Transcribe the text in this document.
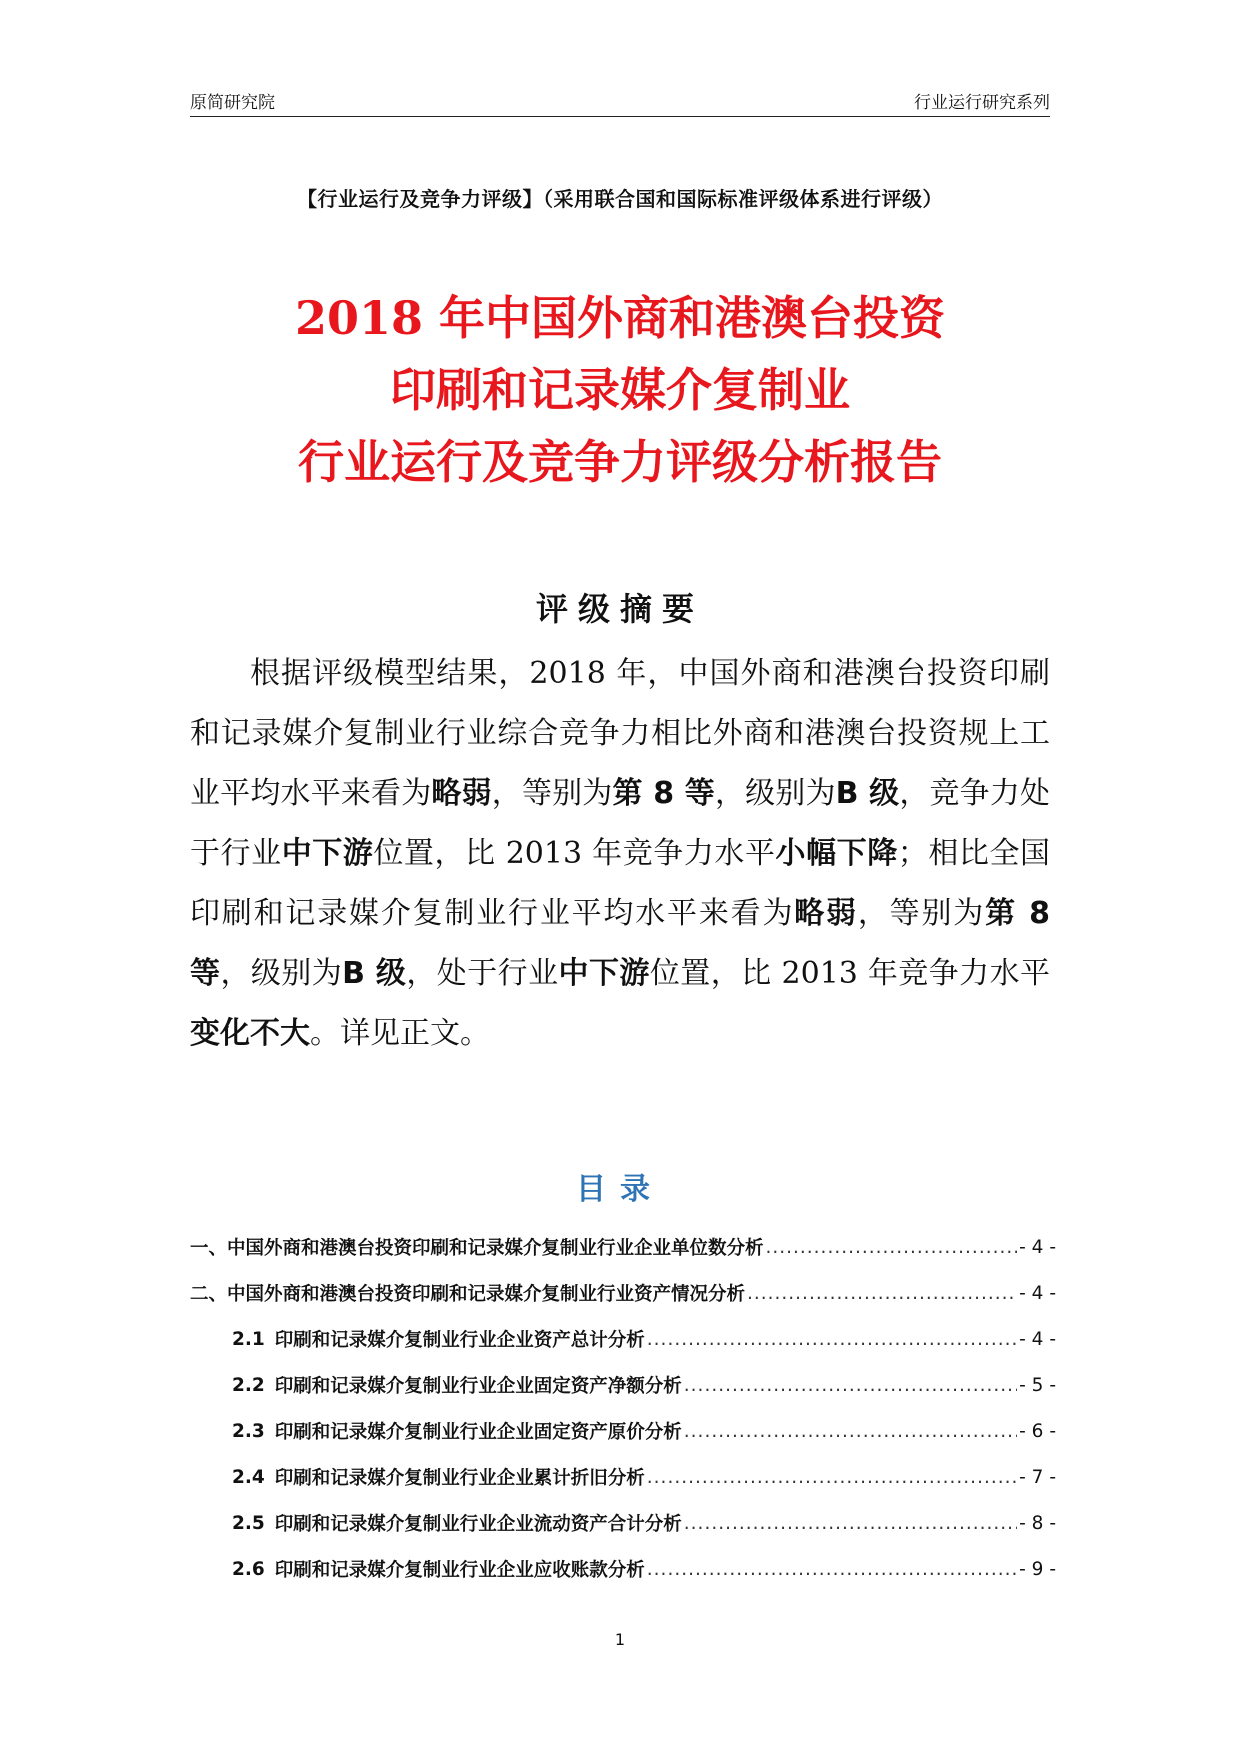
原简研究院	行业运行研究系列
【行业运行及竞争力评级】（采用联合国和国际标准评级体系进行评级）
2018 年中国外商和港澳台投资
印刷和记录媒介复制业
行业运行及竞争力评级分析报告
评级摘要
根据评级模型结果，2018 年，中国外商和港澳台投资印刷和记录媒介复制业行业综合竞争力相比外商和港澳台投资规上工业平均水平来看为略弱，等别为第 8 等，级别为B 级，竞争力处于行业中下游位置，比 2013 年竞争力水平小幅下降；相比全国印刷和记录媒介复制业行业平均水平来看为略弱，等别为第 8 等，级别为B 级，处于行业中下游位置，比 2013 年竞争力水平变化不大。详见正文。
目录
一、中国外商和港澳台投资印刷和记录媒介复制业行业企业单位数分析 .....	- 4 -
二、中国外商和港澳台投资印刷和记录媒介复制业行业资产情况分析 .....	- 4 -
2.1 印刷和记录媒介复制业行业企业资产总计分析 .....	- 4 -
2.2 印刷和记录媒介复制业行业企业固定资产净额分析 .....	- 5 -
2.3 印刷和记录媒介复制业行业企业固定资产原价分析 .....	- 6 -
2.4 印刷和记录媒介复制业行业企业累计折旧分析 .....	- 7 -
2.5 印刷和记录媒介复制业行业企业流动资产合计分析 .....	- 8 -
2.6 印刷和记录媒介复制业行业企业应收账款分析 .....	- 9 -
1
